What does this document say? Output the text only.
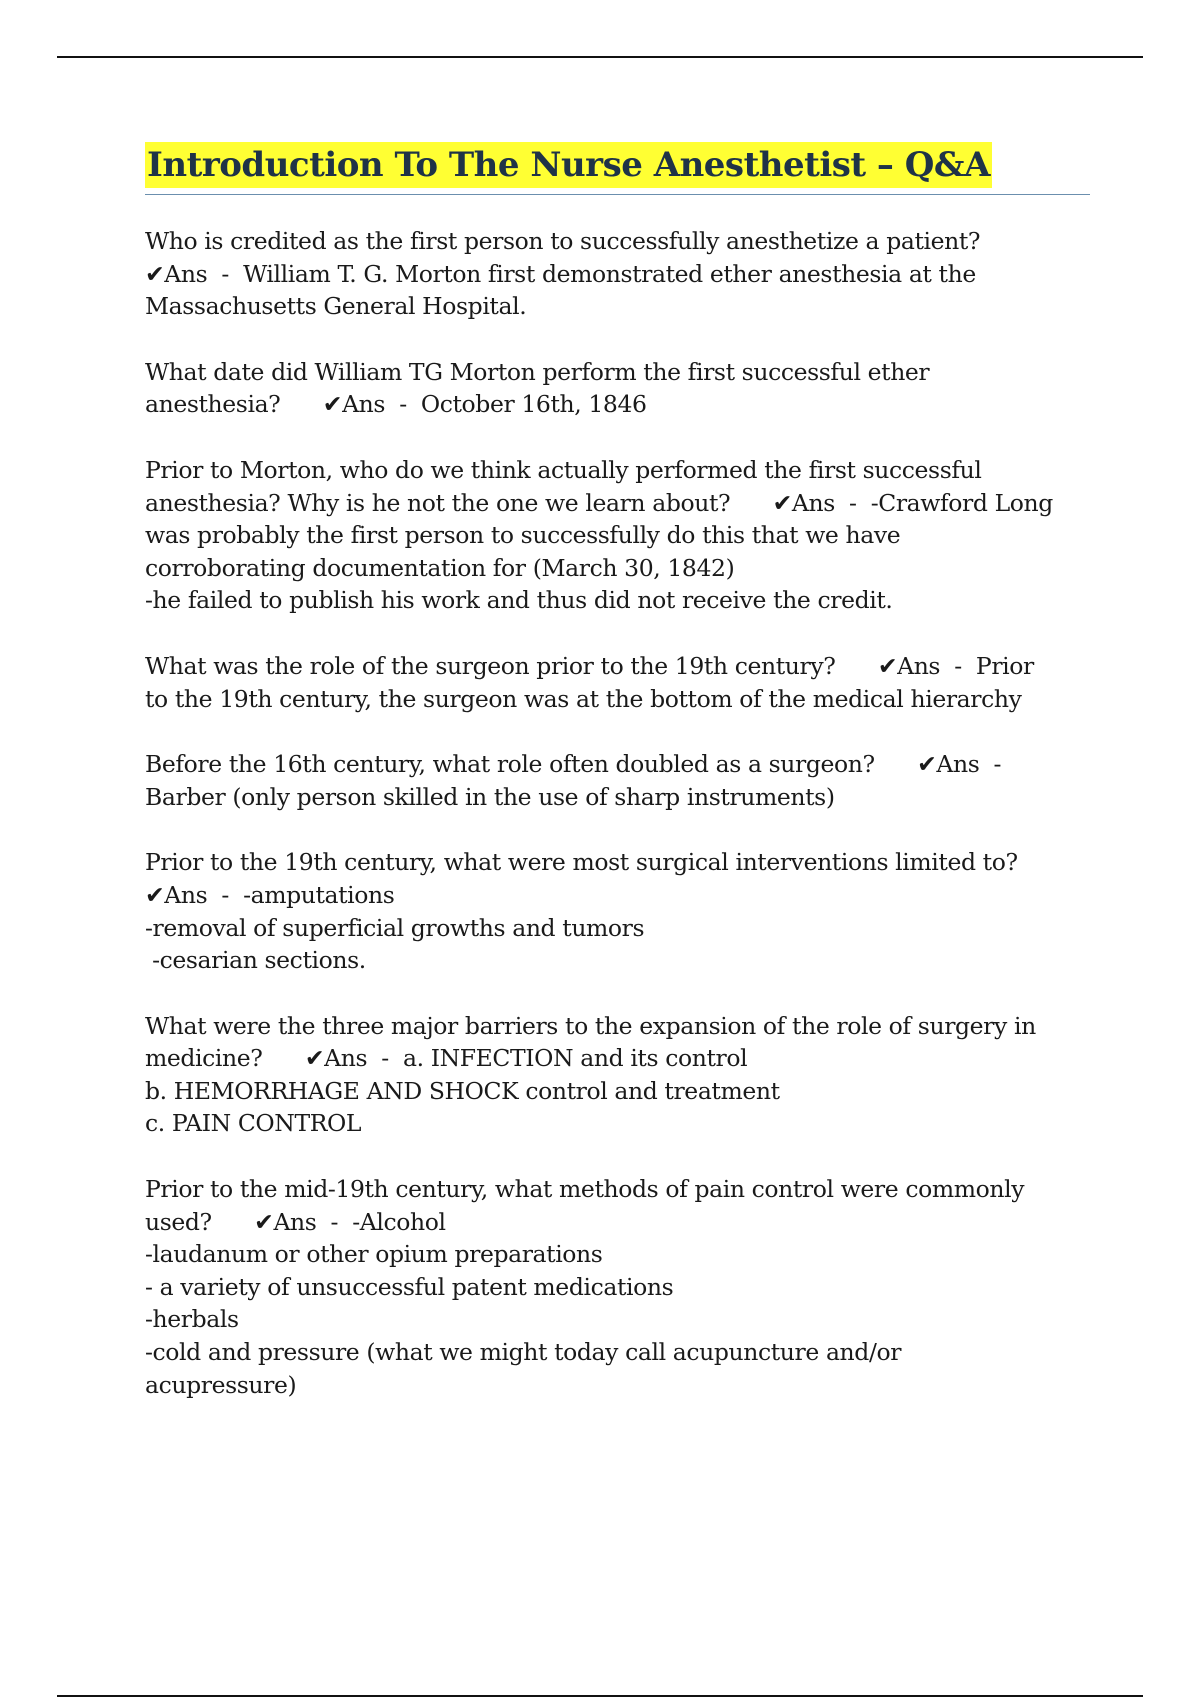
Introduction To The Nurse Anesthetist – Q&A
Who is credited as the first person to successfully anesthetize a patient?
✔Ans  -  William T. G. Morton first demonstrated ether anesthesia at the
Massachusetts General Hospital.
What date did William TG Morton perform the first successful ether
anesthesia?      ✔Ans  -  October 16th, 1846
Prior to Morton, who do we think actually performed the first successful
anesthesia? Why is he not the one we learn about?      ✔Ans  -  -Crawford Long
was probably the first person to successfully do this that we have
corroborating documentation for (March 30, 1842)
-he failed to publish his work and thus did not receive the credit.
What was the role of the surgeon prior to the 19th century?      ✔Ans  -  Prior
to the 19th century, the surgeon was at the bottom of the medical hierarchy
Before the 16th century, what role often doubled as a surgeon?      ✔Ans  -
Barber (only person skilled in the use of sharp instruments)
Prior to the 19th century, what were most surgical interventions limited to?
✔Ans  -  -amputations
-removal of superficial growths and tumors
-cesarian sections.
What were the three major barriers to the expansion of the role of surgery in
medicine?      ✔Ans  -  a. INFECTION and its control
b. HEMORRHAGE AND SHOCK control and treatment
c. PAIN CONTROL
Prior to the mid-19th century, what methods of pain control were commonly
used?      ✔Ans  -  -Alcohol
-laudanum or other opium preparations
- a variety of unsuccessful patent medications
-herbals
-cold and pressure (what we might today call acupuncture and/or
acupressure)
